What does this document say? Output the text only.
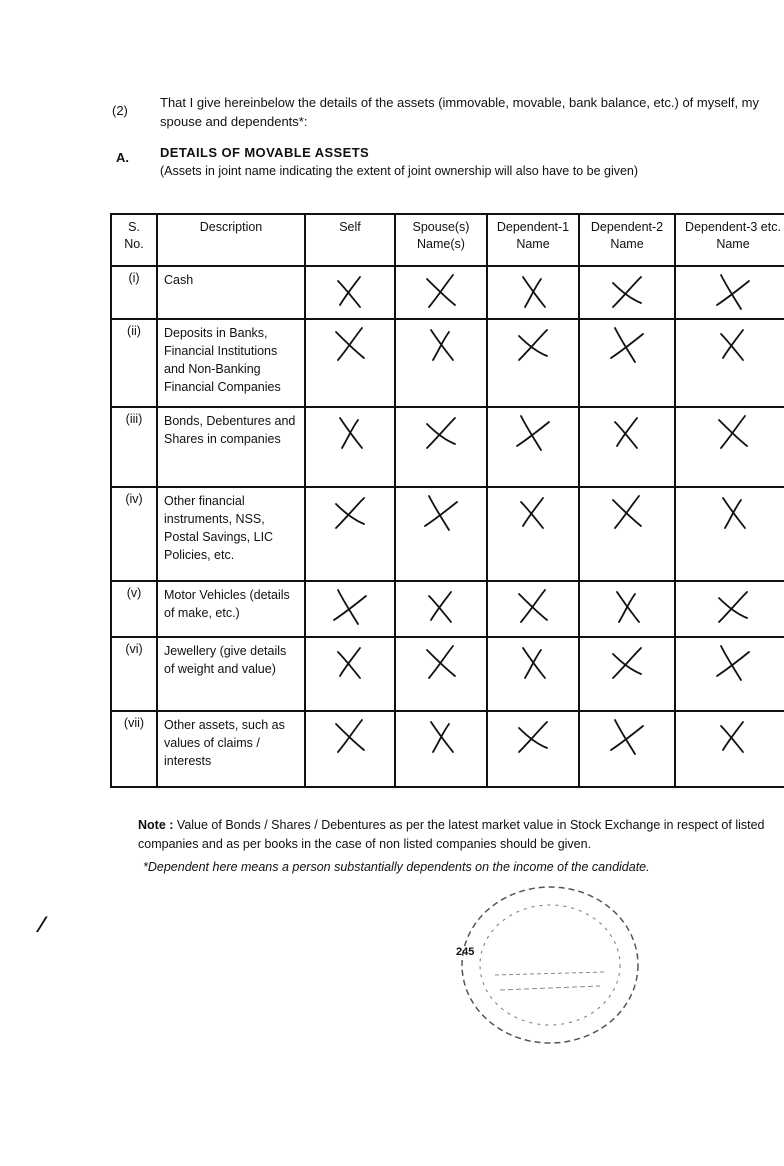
(2)
That I give hereinbelow the details of the assets (immovable, movable, bank balance, etc.) of myself, my spouse and dependents*:
A. DETAILS OF MOVABLE ASSETS
(Assets in joint name indicating the extent of joint ownership will also have to be given)
S. No.	Description	Self	Spouse(s) Name(s)	Dependent-1 Name	Dependent-2 Name	Dependent-3 etc. Name
(i)	Cash					
(ii)	Deposits in Banks, Financial Institutions and Non-Banking Financial Companies					
(iii)	Bonds, Debentures and Shares in companies					
(iv)	Other financial instruments, NSS, Postal Savings, LIC Policies, etc.					
(v)	Motor Vehicles (details of make, etc.)					
(vi)	Jewellery (give details of weight and value)					
(vii)	Other assets, such as values of claims / interests					
Note : Value of Bonds / Shares / Debentures as per the latest market value in Stock Exchange in respect of listed companies and as per books in the case of non listed companies should be given.
*Dependent here means a person substantially dependents on the income of the candidate.
245
⁄
